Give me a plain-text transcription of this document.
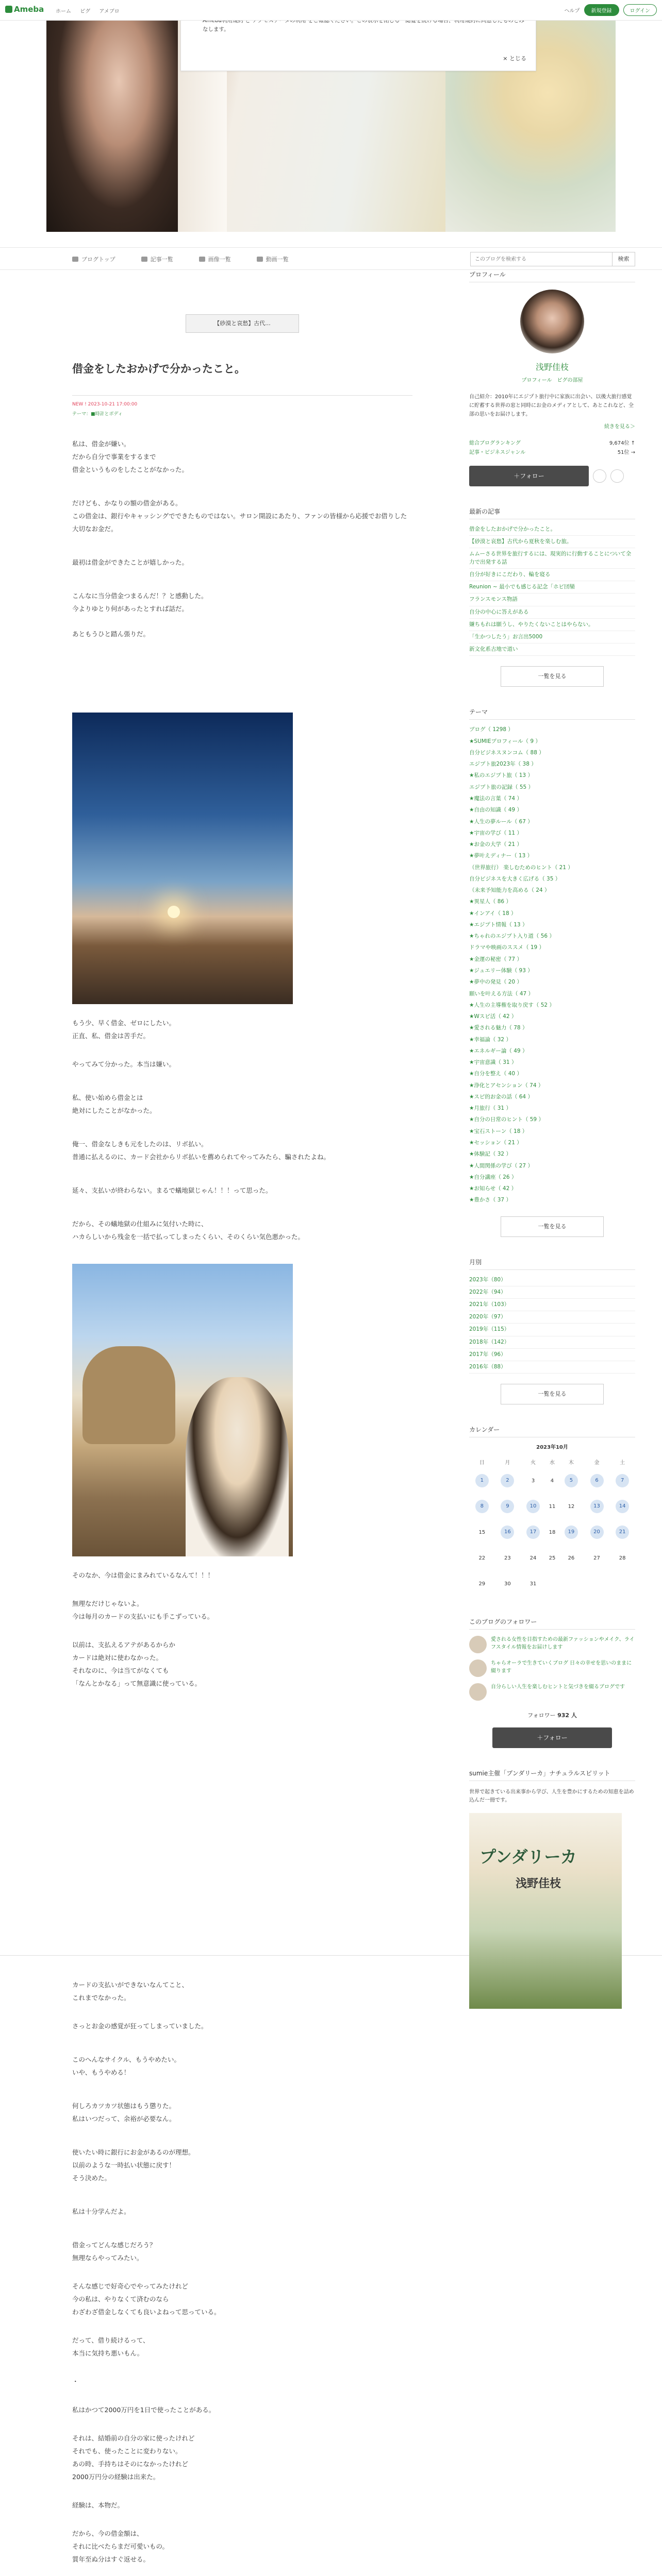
Ameba ホーム ピグ アメブロ	ヘルプ	新規登録	ログイン
なします。
× とじる
ブログトップ	記事一覧	画像一覧	動画一覧
このブログを検索する	検索
【砂漠と哀愁】古代...
借金をしたおかげで分かったこと。
NEW ! 2023-10-21 17:00:00
テーマ：■時計とボディ

私は、借金が嫌い。
だから自分で事業をするまで
借金というものをしたことがなかった。

だけども、かなりの額の借金がある。
この借金は、銀行やキャッシングでできたものではない。サロン開設にあたり、ファンの皆様から応援でお借りした大切なお金だ。

最初は借金ができたことが嬉しかった。

こんなに当分借金つまるんだ！？と感動した。
今よりゆとり何があったとすれば話だ。

あともうひと踏ん張りだ。

もう少、早く借金、ゼロにしたい。
正直、私、借金は苦手だ。

やってみて分かった。本当は嫌い。

私、使い始めら借金とは
絶対にしたことがなかった。

俺一、借金なしきも元をしたのは、リボ払い。
普通に払えるのに、カード会社からリボ払いを薦められてやってみたら、騙されたよね。

延々、支払いが終わらない。まるで蟻地獄じゃん！！！って思った。

だから、その蟻地獄の仕組みに気付いた時に、
ハカらしいから残金を一括で払ってしまったくらい、そのくらい気色悪かった。

そのなか、今は借金にまみれているなんて！！！

無理なだけじゃないよ。
今は毎月のカードの支払いにも手こずっている。

以前は、支払えるアテがあるからか
カードは絶対に使わなかった。
それなのに、今は当てがなくても
「なんとかなる」って無意識に使っている。

カードの支払いができないなんてこと、
これまでなかった。

さっとお金の感覚が狂ってしまっていました。

このへんなサイクル、もうやめたい。
いや、もうやめる！

何しろカツカツ状態はもう懲りた。
私はいつだって、余裕が必要なん。

使いたい時に銀行にお金があるのが理想。
以前のような一時払い状態に戻す！
そう決めた。

私は十分学んだよ。

借金ってどんな感じだろう？
無理ならやってみたい。

そんな感じで好奇心でやってみたけれど
今の私は、やりなくて済むのなら
わざわざ借金しなくても良いよねって思っている。

だって、借り続けるって、
本当に気持ち悪いもん。

・

私はかつて2000万円を1日で使ったことがある。

それは、結婚前の自分の家に使ったけれど
それでも、使ったことに変わりない。
あの時、手持ちはそのになかったけれど
2000万円分の経験は出来た。

経験は、本物だ。

だから、今の借金額は、
それに比べたらまだ可愛いもの。
質年至ぬ分はすぐ返せる。

プロフィール
浅野佳枝
プロフィール　ピグの部屋
自己紹介：2010年にエジプト旅行中に家族に出会い、以後大旅行感覚に貯蓄する世界の窓と同時にお金のメディアとして、あとこれなど、全部の思いをお届けします。
続きを見る＞
総合ブログランキング	9,674位 ↑
記事・ビジネスジャンル	51位 →
＋フォロー
最新の記事
借金をしたおかげで分かったこと。
【砂漠と哀愁】古代から夏秋を楽しむ旅。
ムムーさる世界を旅行するには、現実的に行動することについて全力で出発する話
自分が好きにこだわり、輪を寝る
Reunion ~ 最小でも感じる記念「ホビ団欒
フランスモンス物語
自分の中心に答えがある
嫌ちもれは願うし、やりたくないことはやらない。
「生かつしたう」お言出5000
新文化系古地で道い
一覧を見る
テーマ
ブログ（ 1298 ）
★SUMIEプロフィール（ 9 ）
自分ビジネスヌンコム（ 88 ）
エジプト旅2023年（ 38 ）
★私のエジプト旅（ 13 ）
エジプト旅の記録（ 55 ）
★魔法の言葉（ 74 ）
★自由の知識（ 49 ）
★人生の夢ルール（ 67 ）
★宇宙の学び（ 11 ）
★お金の大学（ 21 ）
★夢叶えディナー（ 13 ）
（世界旅行） 楽しむためのヒント（ 21 ）
自分ビジネスを大きく広げる（ 35 ）
（未来予知能力を高める（ 24 ）
★異星人（ 86 ）
★インアイ（ 18 ）
★エジプト情報（ 13 ）
★ちゃれのエジプト入り道（ 56 ）
ドラマや映画のススメ（ 19 ）
★金運の秘密（ 77 ）
★ジュエリー体験（ 93 ）
★夢中の発見（ 20 ）
願いを叶える方法（ 47 ）
★人生の主導権を取り戻す（ 52 ）
★Wスピ活（ 42 ）
★愛される魅力（ 78 ）
★幸福論（ 32 ）
★エネルギー論（ 49 ）
★宇宙意識（ 31 ）
★自分を整え（ 40 ）
★浄化とアセンション（ 74 ）
★スピ的お金の話（ 64 ）
★月旅行（ 31 ）
★自分の日常のヒント（ 59 ）
★宝石ストーン（ 18 ）
★セッション（ 21 ）
★体験記（ 32 ）
★人間関係の学び（ 27 ）
★自分講座（ 26 ）
★お知らせ（ 42 ）
★豊かさ（ 37 ）
一覧を見る
月別
2023年（80）
2022年（94）
2021年（103）
2020年（97）
2019年（115）
2018年（142）
2017年（96）
2016年（88）
一覧を見る
カレンダー
2023年10月
日	月	火	水	木	金	土
1	2	3	4	5	6	7
8	9	10	11	12	13	14
15	16	17	18	19	20	21
22	23	24	25	26	27	28
29	30	31				
このブログのフォロワー
愛される女性を目指すための最新ファッションやメイク、ライフスタイル情報をお届けします
ちゃらオーラで生きていくブログ 日々の幸せを思いのままに綴ります
自分らしい人生を楽しむヒントと気づきを綴るブログです
フォロワー 932 人
＋フォロー
sumie主催「プンダリーカ」ナチュラルスピリット
世界で起きている出来事から学び、人生を豊かにするための知恵を詰め込んだ一冊です。
プンダリーカ
浅野佳枝
